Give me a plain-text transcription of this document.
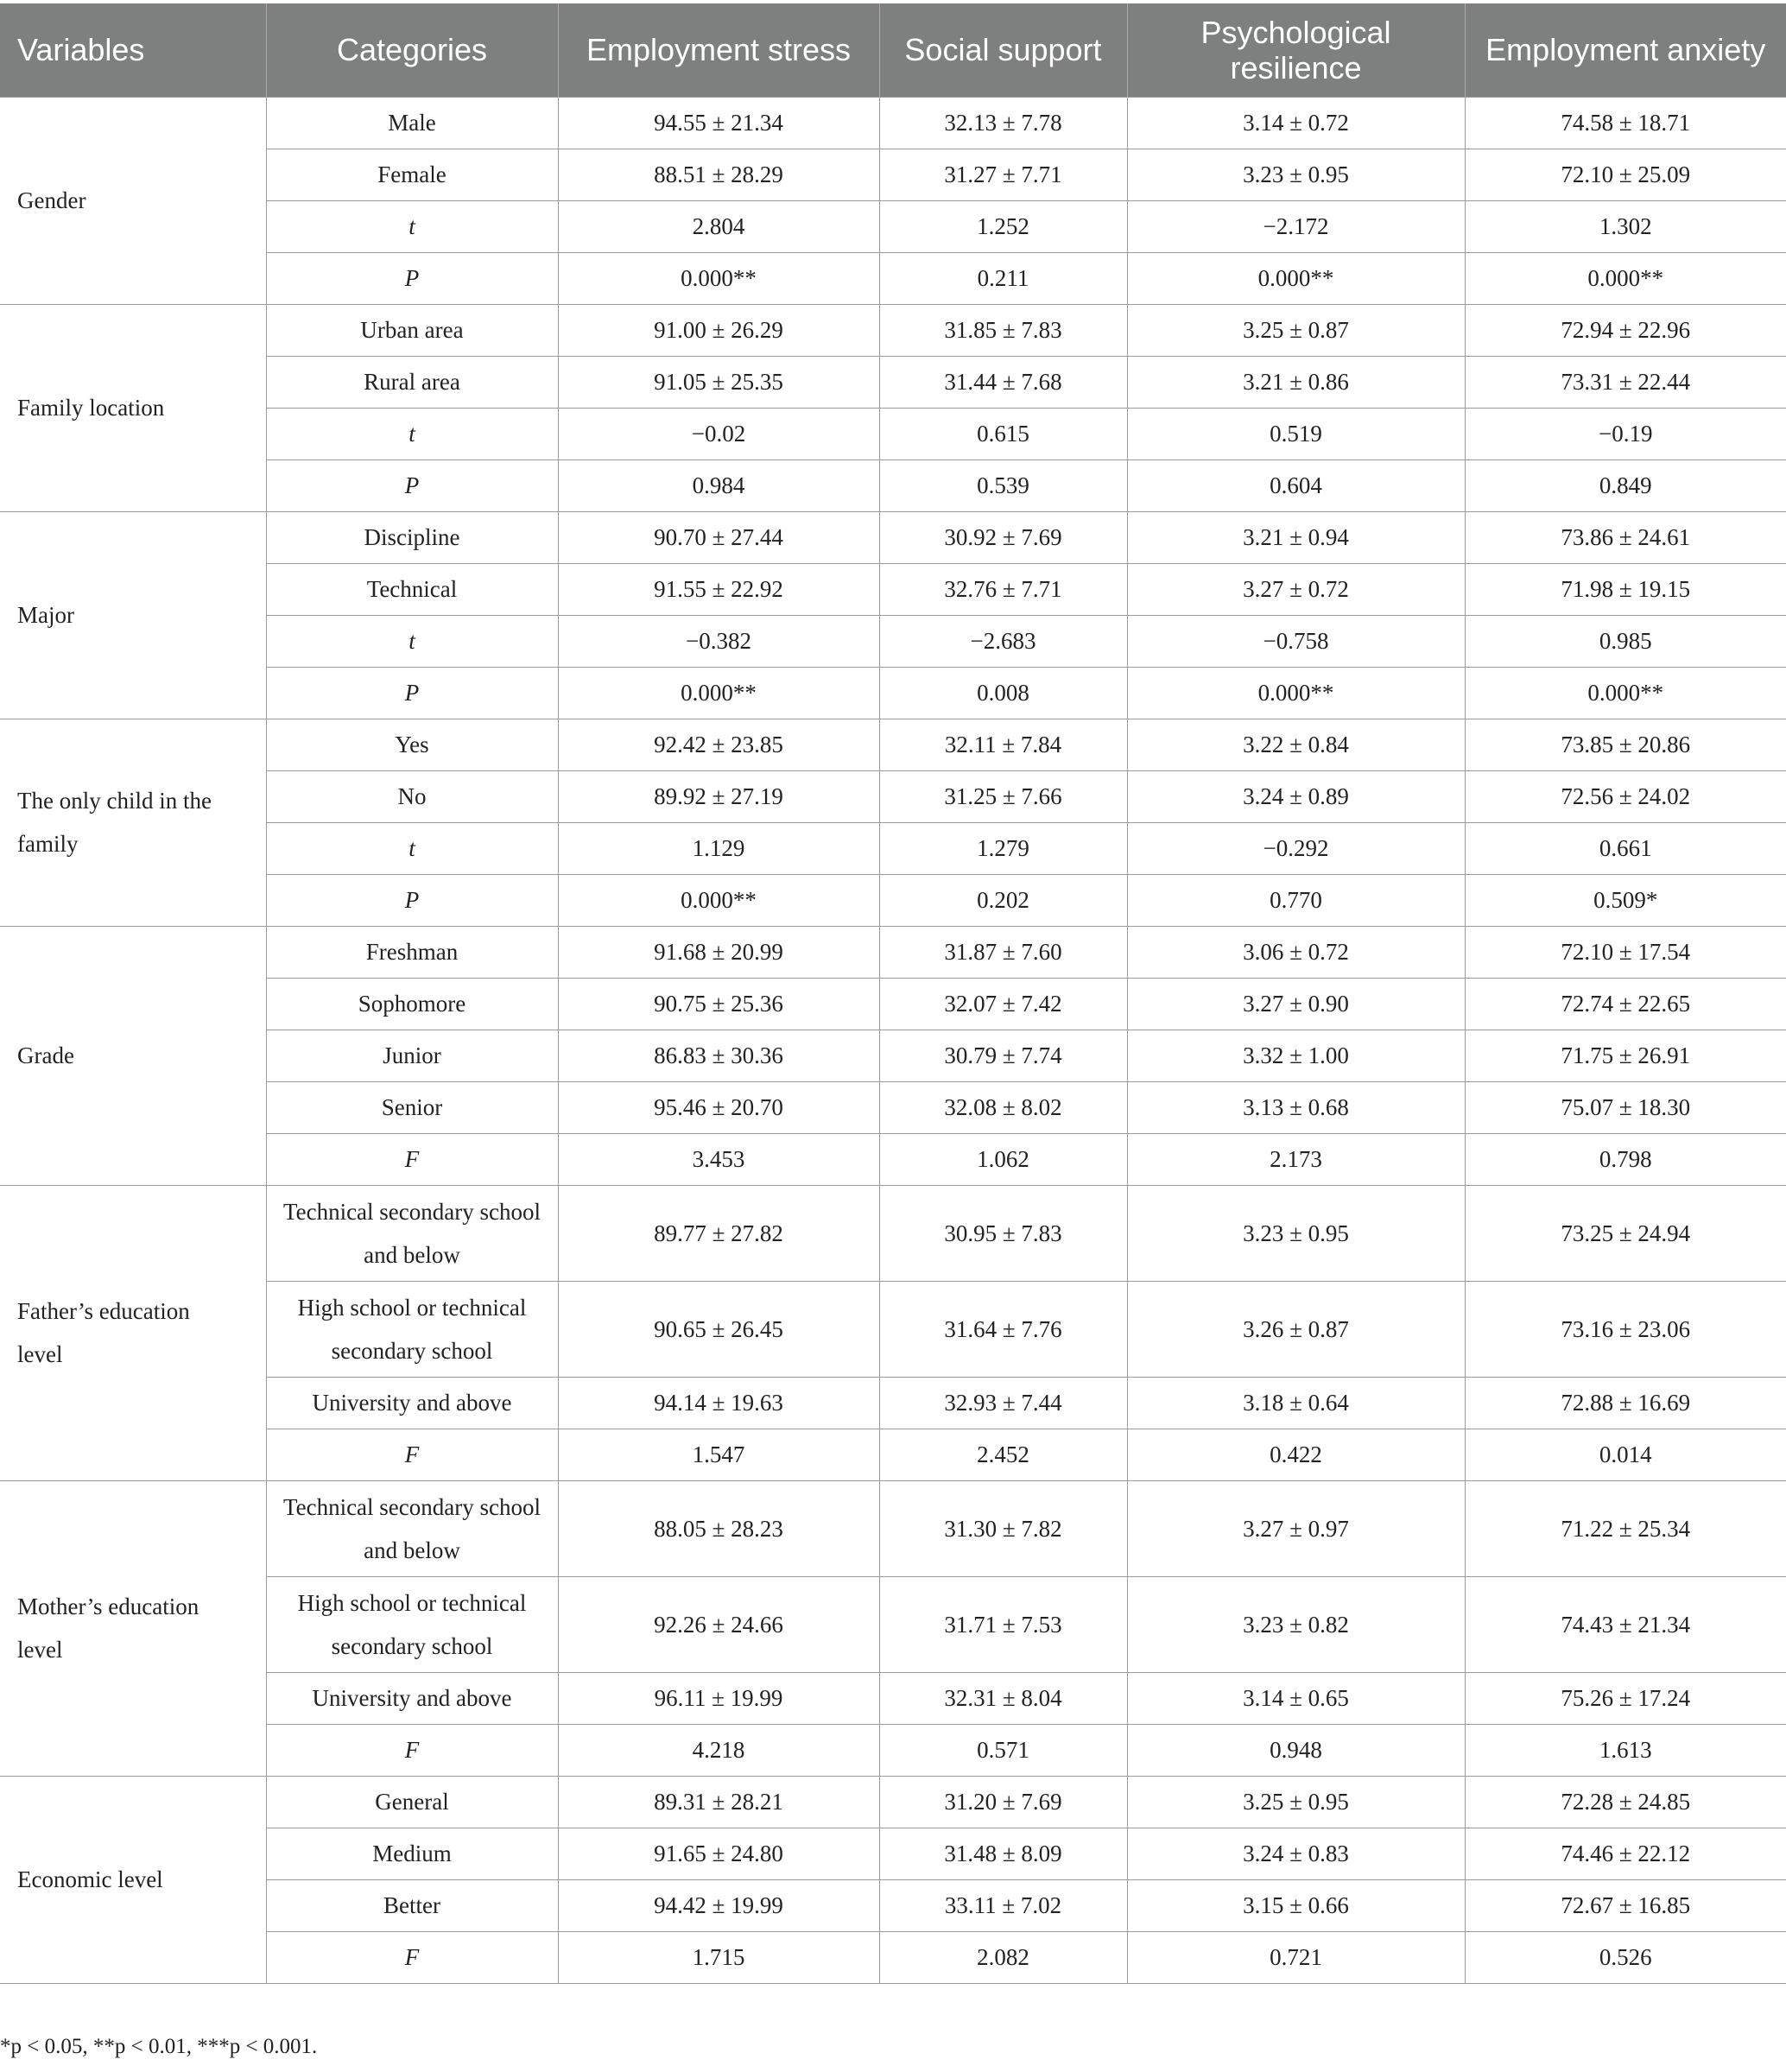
Variables	Categories	Employment stress	Social support	Psychological resilience	Employment anxiety
Gender	Male	94.55 ± 21.34	32.13 ± 7.78	3.14 ± 0.72	74.58 ± 18.71
	Female	88.51 ± 28.29	31.27 ± 7.71	3.23 ± 0.95	72.10 ± 25.09
	t	2.804	1.252	−2.172	1.302
	P	0.000**	0.211	0.000**	0.000**
Family location	Urban area	91.00 ± 26.29	31.85 ± 7.83	3.25 ± 0.87	72.94 ± 22.96
	Rural area	91.05 ± 25.35	31.44 ± 7.68	3.21 ± 0.86	73.31 ± 22.44
	t	−0.02	0.615	0.519	−0.19
	P	0.984	0.539	0.604	0.849
Major	Discipline	90.70 ± 27.44	30.92 ± 7.69	3.21 ± 0.94	73.86 ± 24.61
	Technical	91.55 ± 22.92	32.76 ± 7.71	3.27 ± 0.72	71.98 ± 19.15
	t	−0.382	−2.683	−0.758	0.985
	P	0.000**	0.008	0.000**	0.000**
The only child in the family	Yes	92.42 ± 23.85	32.11 ± 7.84	3.22 ± 0.84	73.85 ± 20.86
	No	89.92 ± 27.19	31.25 ± 7.66	3.24 ± 0.89	72.56 ± 24.02
	t	1.129	1.279	−0.292	0.661
	P	0.000**	0.202	0.770	0.509*
Grade	Freshman	91.68 ± 20.99	31.87 ± 7.60	3.06 ± 0.72	72.10 ± 17.54
	Sophomore	90.75 ± 25.36	32.07 ± 7.42	3.27 ± 0.90	72.74 ± 22.65
	Junior	86.83 ± 30.36	30.79 ± 7.74	3.32 ± 1.00	71.75 ± 26.91
	Senior	95.46 ± 20.70	32.08 ± 8.02	3.13 ± 0.68	75.07 ± 18.30
	F	3.453	1.062	2.173	0.798
Father’s education level	Technical secondary school and below	89.77 ± 27.82	30.95 ± 7.83	3.23 ± 0.95	73.25 ± 24.94
	High school or technical secondary school	90.65 ± 26.45	31.64 ± 7.76	3.26 ± 0.87	73.16 ± 23.06
	University and above	94.14 ± 19.63	32.93 ± 7.44	3.18 ± 0.64	72.88 ± 16.69
	F	1.547	2.452	0.422	0.014
Mother’s education level	Technical secondary school and below	88.05 ± 28.23	31.30 ± 7.82	3.27 ± 0.97	71.22 ± 25.34
	High school or technical secondary school	92.26 ± 24.66	31.71 ± 7.53	3.23 ± 0.82	74.43 ± 21.34
	University and above	96.11 ± 19.99	32.31 ± 8.04	3.14 ± 0.65	75.26 ± 17.24
	F	4.218	0.571	0.948	1.613
Economic level	General	89.31 ± 28.21	31.20 ± 7.69	3.25 ± 0.95	72.28 ± 24.85
	Medium	91.65 ± 24.80	31.48 ± 8.09	3.24 ± 0.83	74.46 ± 22.12
	Better	94.42 ± 19.99	33.11 ± 7.02	3.15 ± 0.66	72.67 ± 16.85
	F	1.715	2.082	0.721	0.526
*p < 0.05, **p < 0.01, ***p < 0.001.
